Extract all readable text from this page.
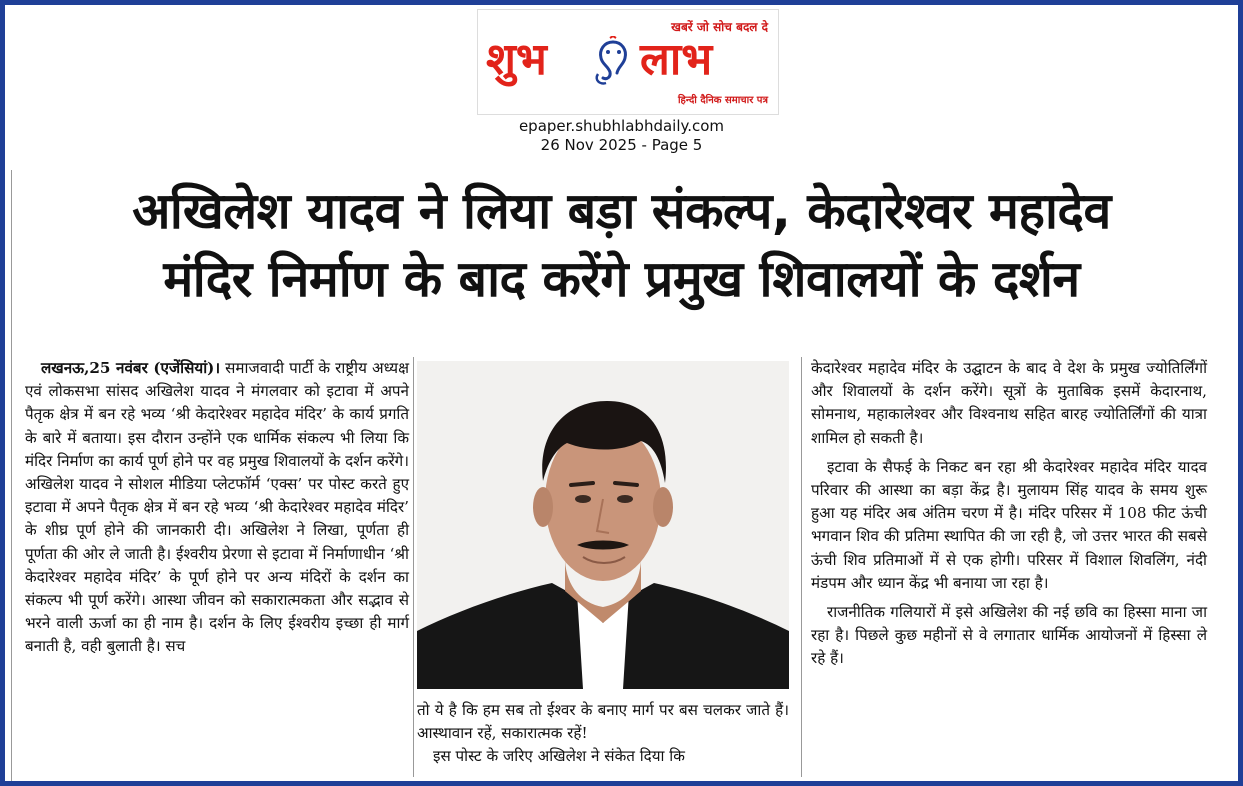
खबरें जो सोच बदल दे
शुभ लाभ
हिन्दी दैनिक समाचार पत्र
epaper.shubhlabhdaily.com
26 Nov 2025 - Page 5
अखिलेश यादव ने लिया बड़ा संकल्प, केदारेश्वर महादेव
मंदिर निर्माण के बाद करेंगे प्रमुख शिवालयों के दर्शन

लखनऊ,25 नवंबर (एजेंसियां)। समाजवादी पार्टी के राष्ट्रीय अध्यक्ष एवं लोकसभा सांसद अखिलेश यादव ने मंगलवार को इटावा में अपने पैतृक क्षेत्र में बन रहे भव्य ‘श्री केदारेश्वर महादेव मंदिर’ के कार्य प्रगति के बारे में बताया। इस दौरान उन्होंने एक धार्मिक संकल्प भी लिया कि मंदिर निर्माण का कार्य पूर्ण होने पर वह प्रमुख शिवालयों के दर्शन करेंगे। अखिलेश यादव ने सोशल मीडिया प्लेटफॉर्म ‘एक्स’ पर पोस्ट करते हुए इटावा में अपने पैतृक क्षेत्र में बन रहे भव्य ‘श्री केदारेश्वर महादेव मंदिर’ के शीघ्र पूर्ण होने की जानकारी दी। अखिलेश ने लिखा, पूर्णता ही पूर्णता की ओर ले जाती है। ईश्वरीय प्रेरणा से इटावा में निर्माणाधीन ‘श्री केदारेश्वर महादेव मंदिर’ के पूर्ण होने पर अन्य मंदिरों के दर्शन का संकल्प भी पूर्ण करेंगे। आस्था जीवन को सकारात्मकता और सद्भाव से भरने वाली ऊर्जा का ही नाम है। दर्शन के लिए ईश्वरीय इच्छा ही मार्ग बनाती है, वही बुलाती है। सच

तो ये है कि हम सब तो ईश्वर के बनाए मार्ग पर बस चलकर जाते हैं। आस्थावान रहें, सकारात्मक रहें!

इस पोस्ट के जरिए अखिलेश ने संकेत दिया कि

केदारेश्वर महादेव मंदिर के उद्घाटन के बाद वे देश के प्रमुख ज्योतिर्लिंगों और शिवालयों के दर्शन करेंगे। सूत्रों के मुताबिक इसमें केदारनाथ, सोमनाथ, महाकालेश्वर और विश्वनाथ सहित बारह ज्योतिर्लिंगों की यात्रा शामिल हो सकती है।

इटावा के सैफई के निकट बन रहा श्री केदारेश्वर महादेव मंदिर यादव परिवार की आस्था का बड़ा केंद्र है। मुलायम सिंह यादव के समय शुरू हुआ यह मंदिर अब अंतिम चरण में है। मंदिर परिसर में 108 फीट ऊंची भगवान शिव की प्रतिमा स्थापित की जा रही है, जो उत्तर भारत की सबसे ऊंची शिव प्रतिमाओं में से एक होगी। परिसर में विशाल शिवलिंग, नंदी मंडपम और ध्यान केंद्र भी बनाया जा रहा है।

राजनीतिक गलियारों में इसे अखिलेश की नई छवि का हिस्सा माना जा रहा है। पिछले कुछ महीनों से वे लगातार धार्मिक आयोजनों में हिस्सा ले रहे हैं।
